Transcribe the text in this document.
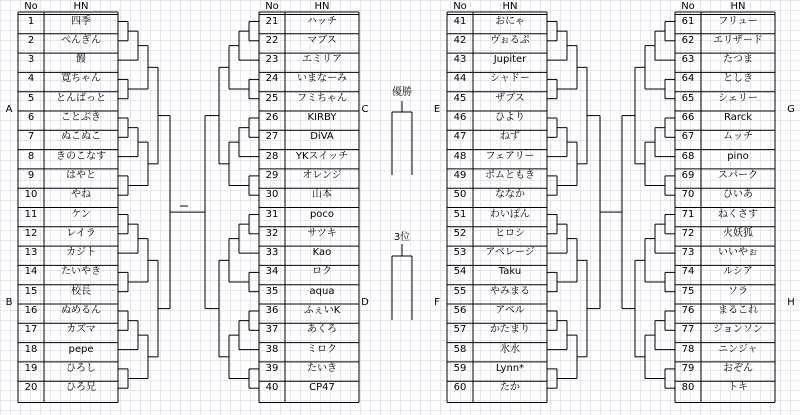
No	HN
1	四季
2	ぺんぎん
3	饅
4	寛ちゃん
5	とんばっと
6	ことぶき
7	ぬこぬこ
8	きのこなす
9	はやと
10	やね
11	ケン
12	レイラ
13	カジト
14	たいやき
15	校長
16	ぬめるん
17	カズマ
18	pepe
19	ひろし
20	ひろ兄
No	HN
21	ハッチ
22	マブス
23	エミリア
24	いまなーみ
25	フミちゃん
26	KIRBY
27	DiVA
28	YKスイッチ
29	オレンジ
30	山本
31	poco
32	サツキ
33	Kao
34	ロク
35	aqua
36	ふぇいK
37	あくろ
38	ミロク
39	たいき
40	CP47
No	HN
41	おにゃ
42	ヴぉるぷ
43	Jupiter
44	シャドー
45	ザブス
46	ひより
47	ねず
48	フェアリー
49	ポムともき
50	ななか
51	わいぽん
52	ヒロシ
53	アベレージ
54	Taku
55	やみまる
56	アベル
57	かたまり
58	氷水
59	Lynn*
60	たか
No	HN
61	フリュー
62	エリザード
63	たつま
64	としき
65	シェリー
66	Rarck
67	ムッチ
68	pino
69	スパーク
70	ひいあ
71	ねくさす
72	火妖狐
73	いいやぉ
74	ルシア
75	ソラ
76	まるこれ
77	ジョンソン
78	ニンジャ
79	おぞん
80	トキ
A
B
C
D
E
F
G
H
優勝
3位
